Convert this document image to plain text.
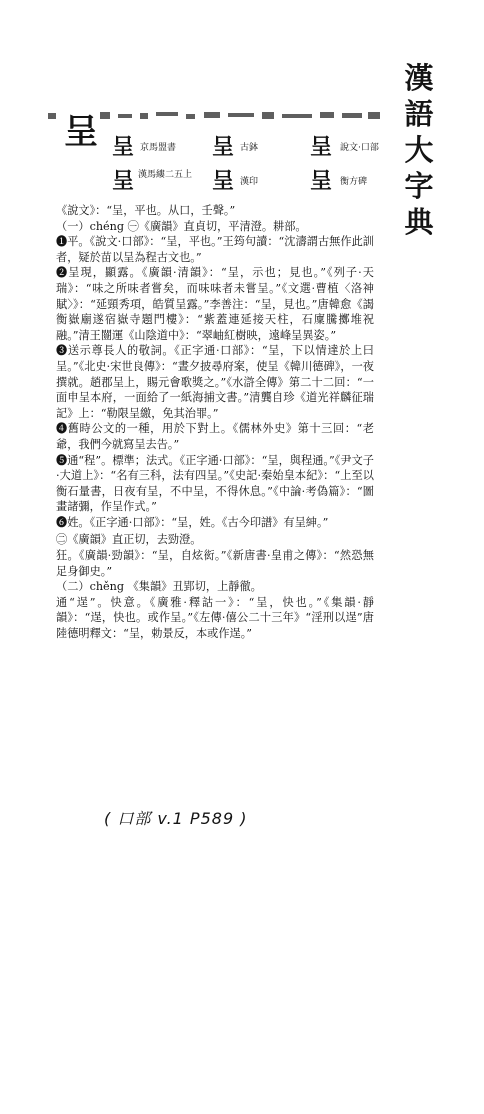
漢
語
大
字
典
呈 呈 京馬盟書 呈 古鉢 呈 說文·口部
呈 漢馬縷二五上 呈 漢印 呈 衡方碑

《說文》：“呈，平也。从口，壬聲。”

（一）chéng ㊀《廣韻》直貞切，平清澄。耕部。

❶平。《說文·口部》：“呈，平也。”王筠句讀：“沈濤謂古無作此訓者，疑於苗以呈為程古文也。”

❷呈現，顯露。《廣韻·清韻》：“呈，示也；見也。”《列子·天瑞》：“味之所味者嘗矣，而味味者未嘗呈。”《文選·曹植〈洛神賦〉》：“延頸秀項，皓質呈露。”李善注：“呈，見也。”唐韓愈《謁衡嶽廟遂宿嶽寺題門樓》：“紫蓋連延接天柱，石廩騰擲堆祝融。”清王闓運《山陰道中》：“翠岫紅樹映，遠峰呈異姿。”

❸送示尊長人的敬詞。《正字通·口部》：“呈，下以情達於上曰呈。”《北史·宋世良傳》：“晝夕披尋府案，使呈《韓川德碑》，一夜撰就。趙郡呈上，賜元會歌獎之。”《水滸全傳》第二十二回：“一面申呈本府，一面給了一紙海捕文書。”清龔自珍《道光祥麟征瑞記》上：“勒限呈繳，免其治罪。”

❹舊時公文的一種，用於下對上。《儒林外史》第十三回：“老爺，我們今就寫呈去告。”

❺通“程”。標準；法式。《正字通·口部》：“呈，與程通。”《尹文子·大道上》：“名有三科，法有四呈。”《史記·秦始皇本紀》：“上至以衡石量書，日夜有呈，不中呈，不得休息。”《中論·考偽篇》：“圖畫諸彌，作呈作式。”

❻姓。《正字通·口部》：“呈，姓。《古今印譜》有呈紳。”

㊁《廣韻》直正切，去勁澄。

狂。《廣韻·勁韻》：“呈，自炫衒。”《新唐書·皇甫之傳》：“然恐無足身御史。”

（二）chěng 《集韻》丑郢切，上靜徹。

通“逞”。快意。《廣雅·釋詁一》：“呈，快也。”《集韻·靜韻》：“逞，快也。或作呈。”《左傳·僖公二十三年》“淫刑以逞”唐陸德明釋文：“呈，勅景反，本或作逞。”

( 口部 v.1 P589 )
